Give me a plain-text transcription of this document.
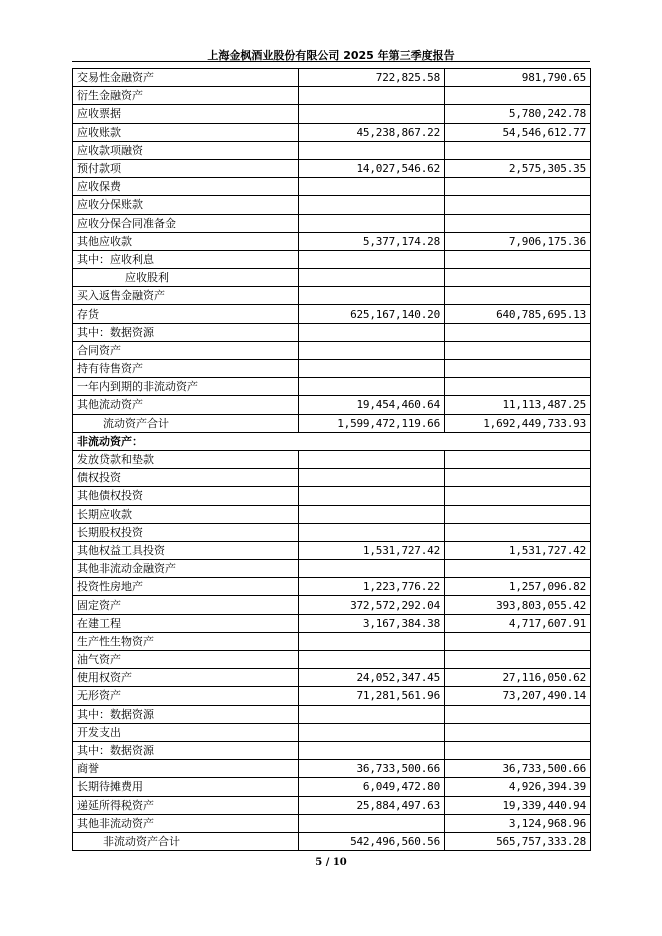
上海金枫酒业股份有限公司 2025 年第三季度报告
交易性金融资产	722,825.58	981,790.65
衍生金融资产		
应收票据		5,780,242.78
应收账款	45,238,867.22	54,546,612.77
应收款项融资		
预付款项	14,027,546.62	2,575,305.35
应收保费		
应收分保账款		
应收分保合同准备金		
其他应收款	5,377,174.28	7,906,175.36
其中：应收利息		
应收股利		
买入返售金融资产		
存货	625,167,140.20	640,785,695.13
其中：数据资源		
合同资产		
持有待售资产		
一年内到期的非流动资产		
其他流动资产	19,454,460.64	11,113,487.25
流动资产合计	1,599,472,119.66	1,692,449,733.93
非流动资产：		
发放贷款和垫款		
债权投资		
其他债权投资		
长期应收款		
长期股权投资		
其他权益工具投资	1,531,727.42	1,531,727.42
其他非流动金融资产		
投资性房地产	1,223,776.22	1,257,096.82
固定资产	372,572,292.04	393,803,055.42
在建工程	3,167,384.38	4,717,607.91
生产性生物资产		
油气资产		
使用权资产	24,052,347.45	27,116,050.62
无形资产	71,281,561.96	73,207,490.14
其中：数据资源		
开发支出		
其中：数据资源		
商誉	36,733,500.66	36,733,500.66
长期待摊费用	6,049,472.80	4,926,394.39
递延所得税资产	25,884,497.63	19,339,440.94
其他非流动资产		3,124,968.96
非流动资产合计	542,496,560.56	565,757,333.28
5 / 10
